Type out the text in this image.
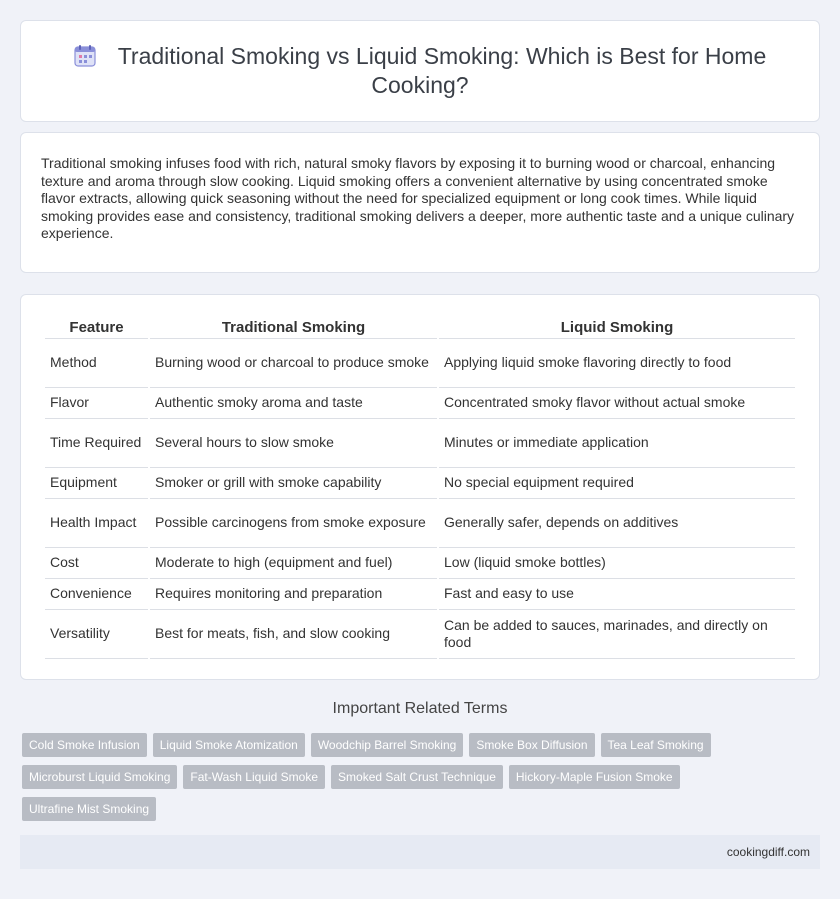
Traditional Smoking vs Liquid Smoking: Which is Best for Home Cooking?

Traditional smoking infuses food with rich, natural smoky flavors by exposing it to burning wood or charcoal, enhancing texture and aroma through slow cooking. Liquid smoking offers a convenient alternative by using concentrated smoke flavor extracts, allowing quick seasoning without the need for specialized equipment or long cook times. While liquid smoking provides ease and consistency, traditional smoking delivers a deeper, more authentic taste and a unique culinary experience.

Feature	Traditional Smoking	Liquid Smoking
Method	Burning wood or charcoal to produce smoke	Applying liquid smoke flavoring directly to food
Flavor	Authentic smoky aroma and taste	Concentrated smoky flavor without actual smoke
Time Required	Several hours to slow smoke	Minutes or immediate application
Equipment	Smoker or grill with smoke capability	No special equipment required
Health Impact	Possible carcinogens from smoke exposure	Generally safer, depends on additives
Cost	Moderate to high (equipment and fuel)	Low (liquid smoke bottles)
Convenience	Requires monitoring and preparation	Fast and easy to use
Versatility	Best for meats, fish, and slow cooking	Can be added to sauces, marinades, and directly on food
Important Related Terms
Cold Smoke Infusion	Liquid Smoke Atomization	Woodchip Barrel Smoking	Smoke Box Diffusion	Tea Leaf Smoking
Microburst Liquid Smoking	Fat-Wash Liquid Smoke	Smoked Salt Crust Technique	Hickory-Maple Fusion Smoke
Ultrafine Mist Smoking
cookingdiff.com
